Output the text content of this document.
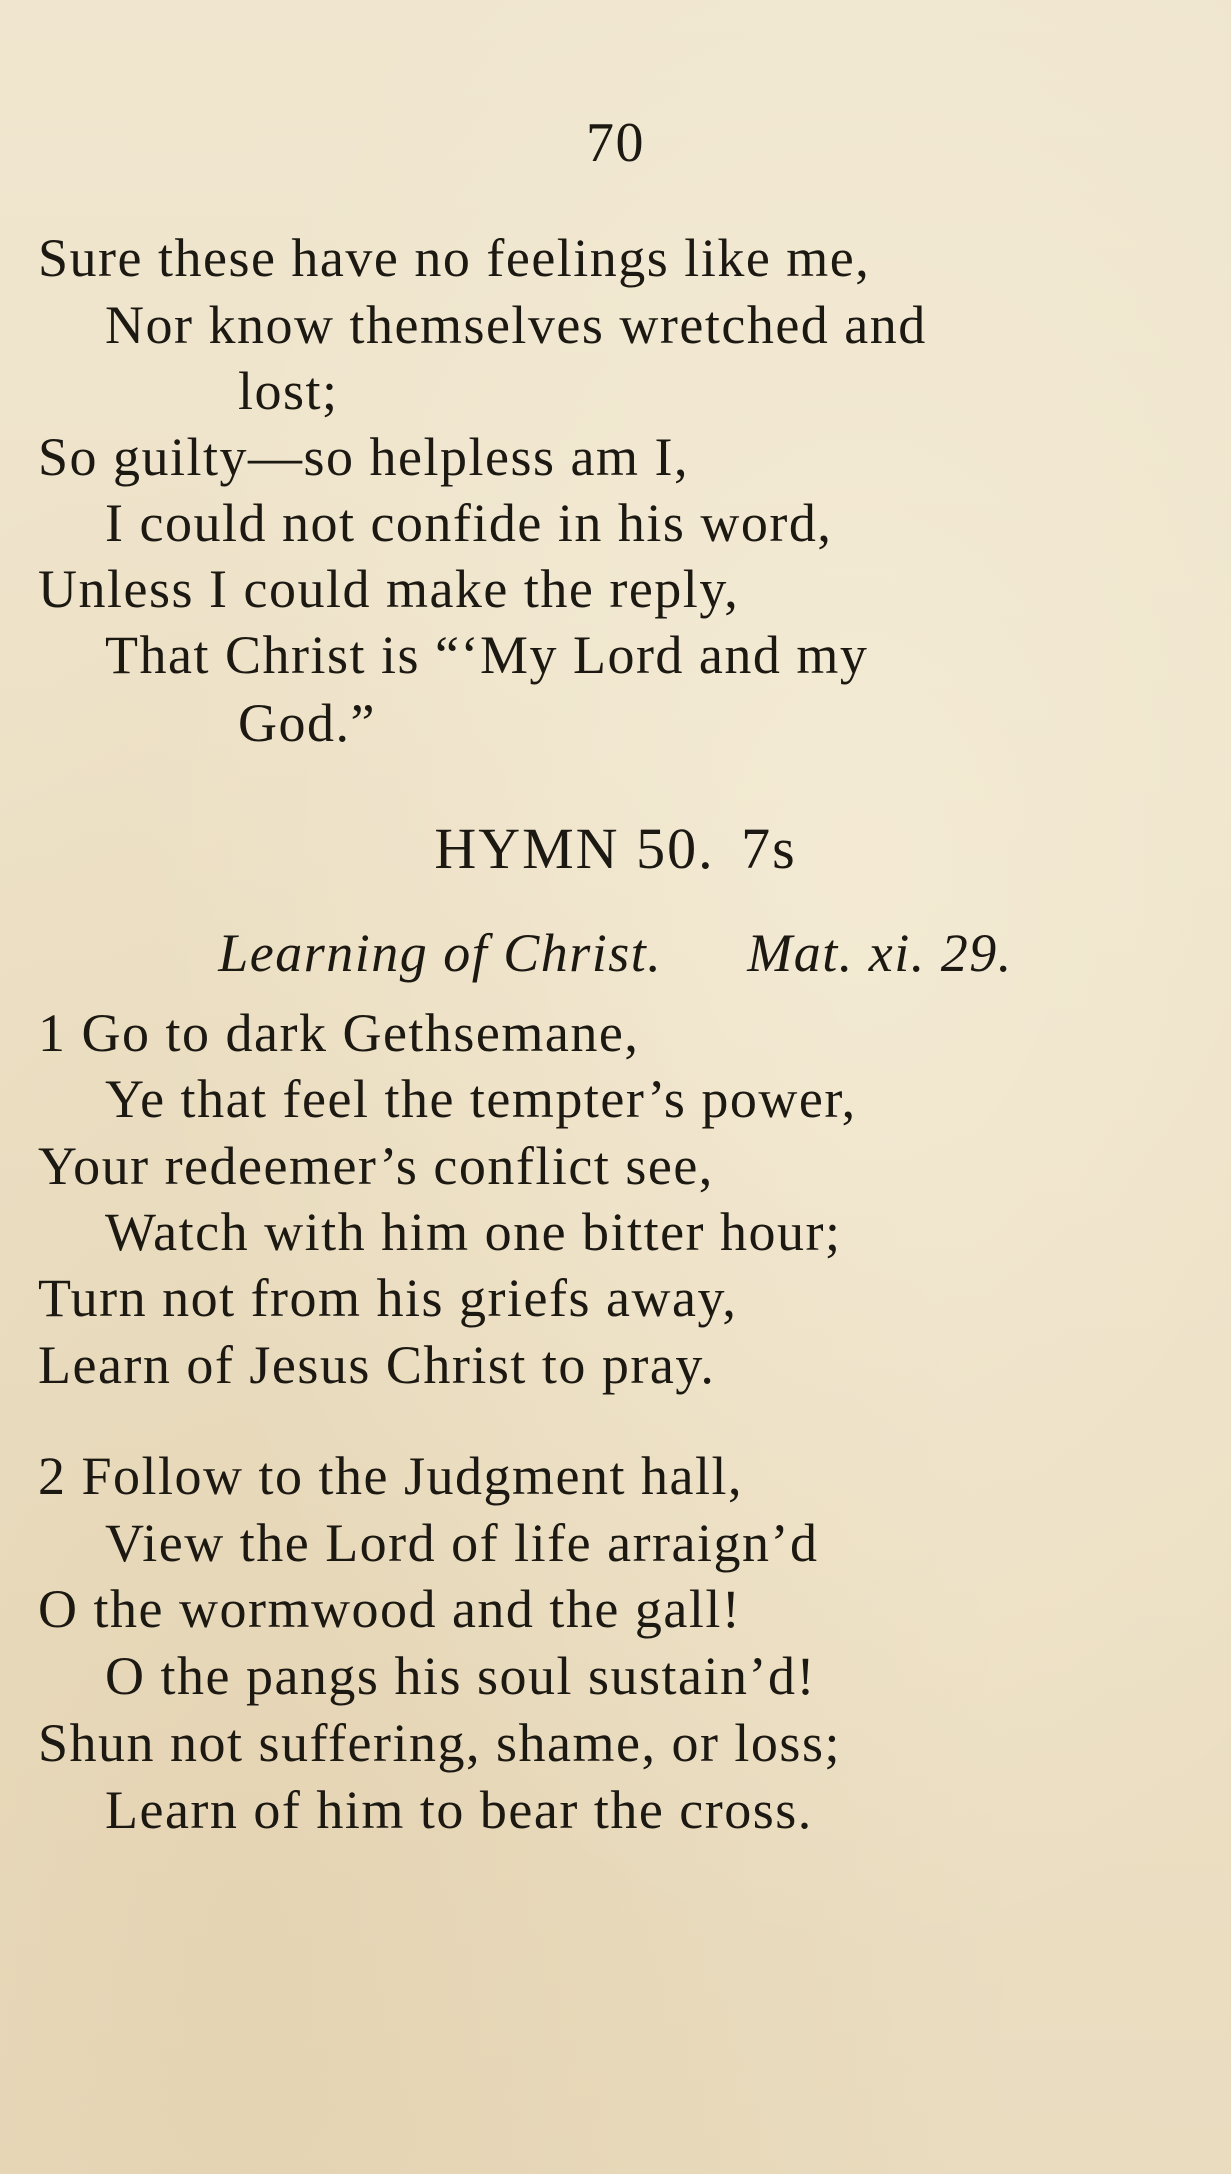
70
Sure these have no feelings like me,
Nor know themselves wretched and
lost;
So guilty—so helpless am I,
I could not confide in his word,
Unless I could make the reply,
That Christ is “‘My Lord and my
God.”
HYMN 50. 7s
Learning of Christ. Mat. xi. 29.
1 Go to dark Gethsemane,
Ye that feel the tempter’s power,
Your redeemer’s conflict see,
Watch with him one bitter hour;
Turn not from his griefs away,
Learn of Jesus Christ to pray.
2 Follow to the Judgment hall,
View the Lord of life arraign’d
O the wormwood and the gall!
O the pangs his soul sustain’d!
Shun not suffering, shame, or loss;
Learn of him to bear the cross.
